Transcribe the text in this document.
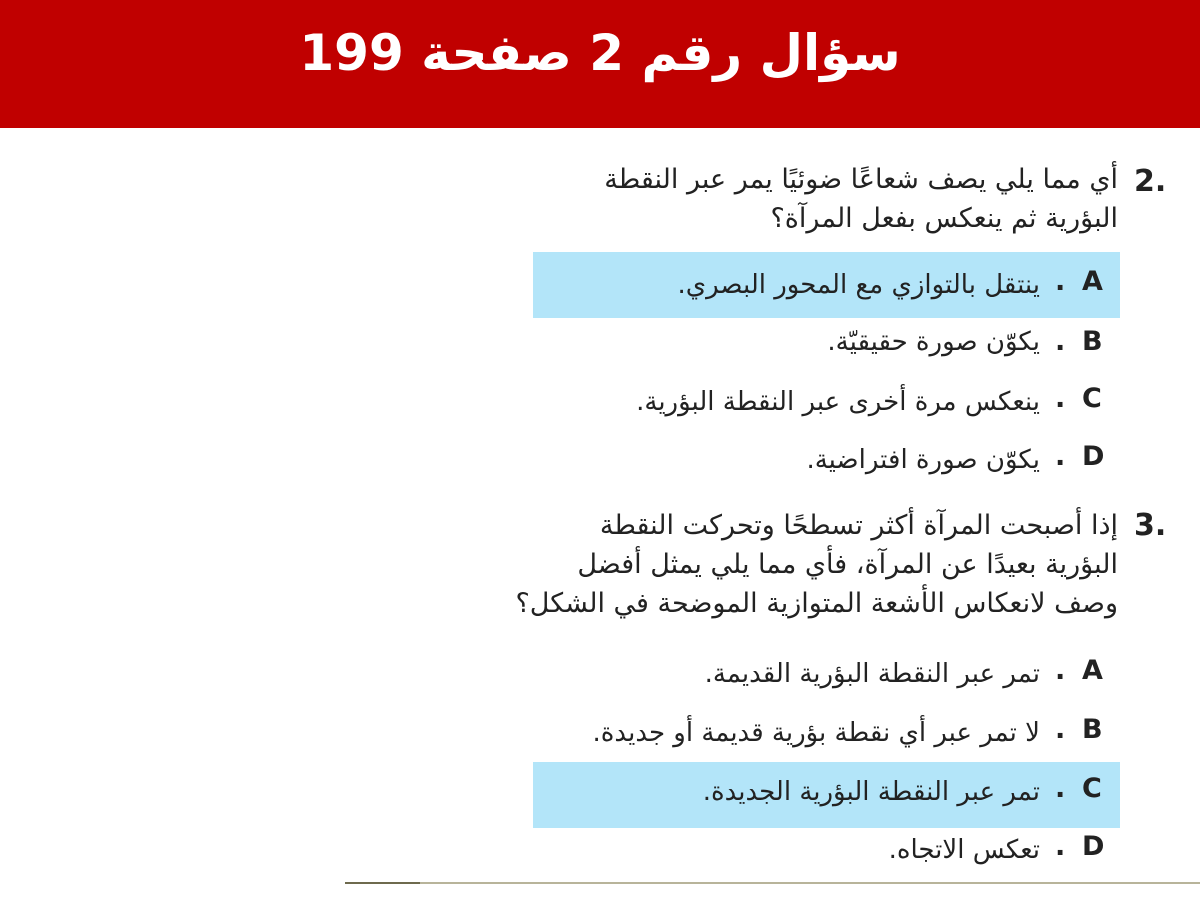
سؤال رقم 2 صفحة 199
2.
أي مما يلي يصف شعاعًا ضوئيًا يمر عبر النقطة
البؤرية ثم ينعكس بفعل المرآة؟
A
.
ينتقل بالتوازي مع المحور البصري.
B
.
يكوّن صورة حقيقيّة.
C
.
ينعكس مرة أخرى عبر النقطة البؤرية.
D
.
يكوّن صورة افتراضية.
3.
إذا أصبحت المرآة أكثر تسطحًا وتحركت النقطة
البؤرية بعيدًا عن المرآة، فأي مما يلي يمثل أفضل
وصف لانعكاس الأشعة المتوازية الموضحة في الشكل؟
A
.
تمر عبر النقطة البؤرية القديمة.
B
.
لا تمر عبر أي نقطة بؤرية قديمة أو جديدة.
C
.
تمر عبر النقطة البؤرية الجديدة.
D
.
تعكس الاتجاه.
